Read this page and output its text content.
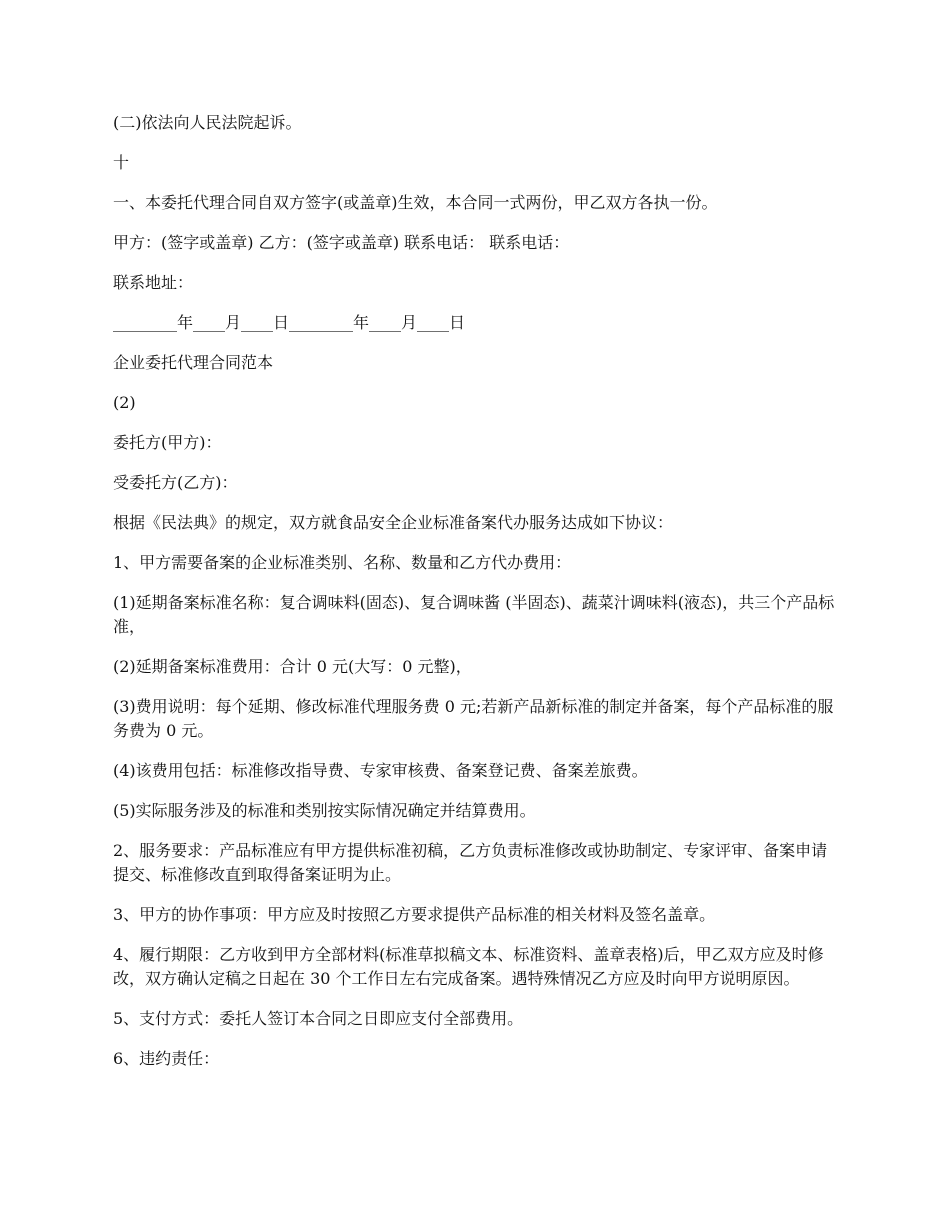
(二)依法向人民法院起诉。

十

一、本委托代理合同自双方签字(或盖章)生效，本合同一式两份，甲乙双方各执一份。

甲方：(签字或盖章) 乙方：(签字或盖章) 联系电话： 联系电话：

联系地址：

________年____月____日________年____月____日

企业委托代理合同范本

(2)

委托方(甲方)：

受委托方(乙方)：

根据《民法典》的规定，双方就食品安全企业标准备案代办服务达成如下协议：

1、甲方需要备案的企业标准类别、名称、数量和乙方代办费用：

(1)延期备案标准名称：复合调味料(固态)、复合调味酱 (半固态)、蔬菜汁调味料(液态)，共三个产品标准，

(2)延期备案标准费用：合计 0 元(大写：0 元整)，

(3)费用说明：每个延期、修改标准代理服务费 0 元;若新产品新标准的制定并备案，每个产品标准的服务费为 0 元。

(4)该费用包括：标准修改指导费、专家审核费、备案登记费、备案差旅费。

(5)实际服务涉及的标准和类别按实际情况确定并结算费用。

2、服务要求：产品标准应有甲方提供标准初稿，乙方负责标准修改或协助制定、专家评审、备案申请提交、标准修改直到取得备案证明为止。

3、甲方的协作事项：甲方应及时按照乙方要求提供产品标准的相关材料及签名盖章。

4、履行期限：乙方收到甲方全部材料(标准草拟稿文本、标准资料、盖章表格)后，甲乙双方应及时修改，双方确认定稿之日起在 30 个工作日左右完成备案。遇特殊情况乙方应及时向甲方说明原因。

5、支付方式：委托人签订本合同之日即应支付全部费用。

6、违约责任：
